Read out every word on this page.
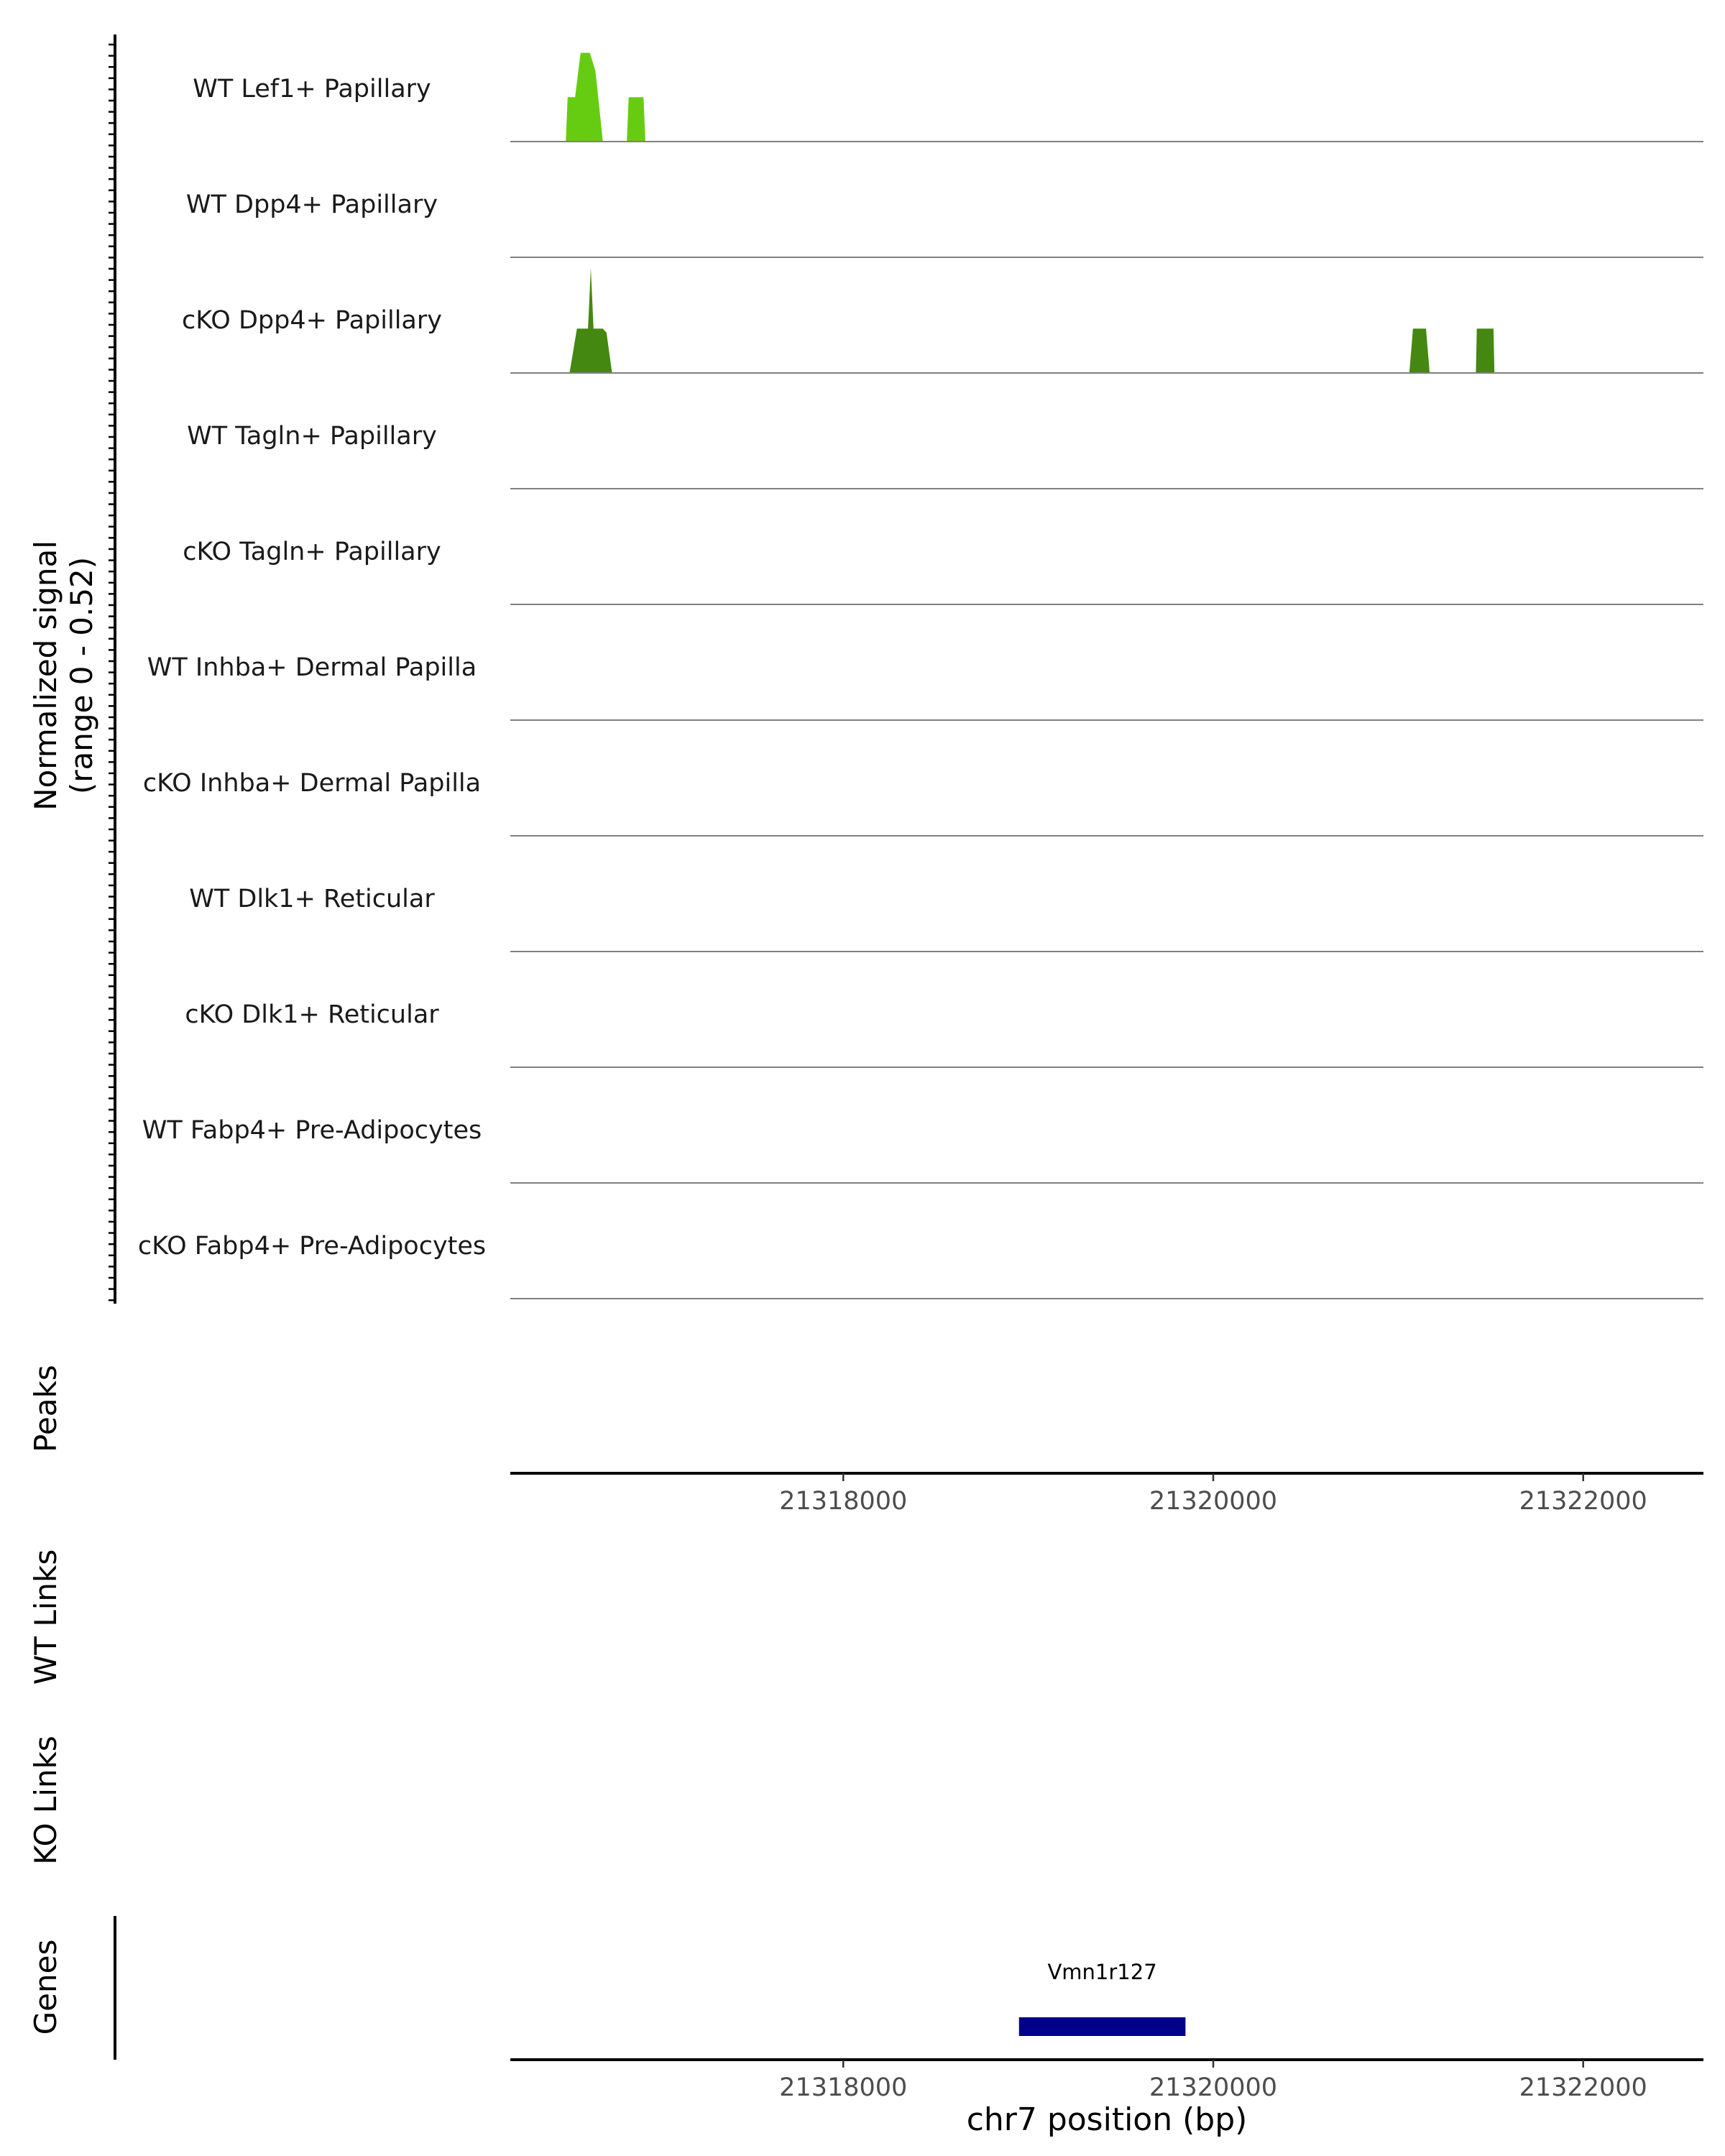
Normalized signal (range 0 - 0.52)
WT Lef1+ Papillary
WT Dpp4+ Papillary
cKO Dpp4+ Papillary
WT Tagln+ Papillary
cKO Tagln+ Papillary
WT Inhba+ Dermal Papilla
cKO Inhba+ Dermal Papilla
WT Dlk1+ Reticular
cKO Dlk1+ Reticular
WT Fabp4+ Pre-Adipocytes
cKO Fabp4+ Pre-Adipocytes
Peaks
21318000	21320000	21322000
WT Links
KO Links
Genes	Vmn1r127
21318000	21320000	21322000
chr7 position (bp)
